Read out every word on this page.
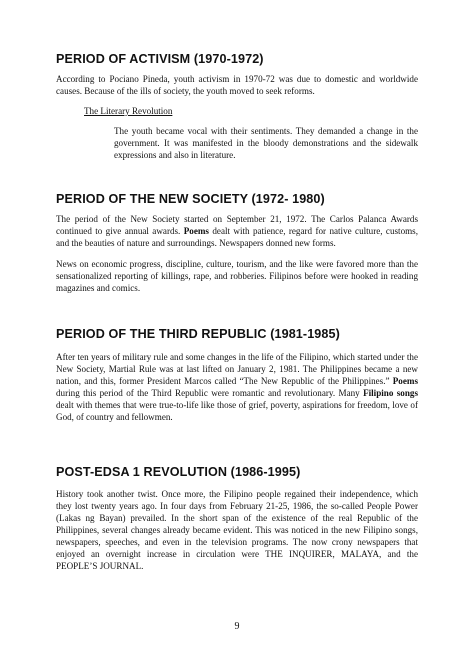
PERIOD OF ACTIVISM (1970-1972)

According to Pociano Pineda, youth activism in 1970-72 was due to domestic and worldwide causes. Because of the ills of society, the youth moved to seek reforms.

The Literary Revolution

The youth became vocal with their sentiments. They demanded a change in the government. It was manifested in the bloody demonstrations and the sidewalk expressions and also in literature.

PERIOD OF THE NEW SOCIETY (1972- 1980)

The period of the New Society started on September 21, 1972. The Carlos Palanca Awards continued to give annual awards. Poems dealt with patience, regard for native culture, customs, and the beauties of nature and surroundings. Newspapers donned new forms.

News on economic progress, discipline, culture, tourism, and the like were favored more than the sensationalized reporting of killings, rape, and robberies. Filipinos before were hooked in reading magazines and comics.

PERIOD OF THE THIRD REPUBLIC (1981-1985)

After ten years of military rule and some changes in the life of the Filipino, which started under the New Society, Martial Rule was at last lifted on January 2, 1981. The Philippines became a new nation, and this, former President Marcos called “The New Republic of the Philippines.” Poems during this period of the Third Republic were romantic and revolutionary. Many Filipino songs dealt with themes that were true-to-life like those of grief, poverty, aspirations for freedom, love of God, of country and fellowmen.

POST-EDSA 1 REVOLUTION (1986-1995)

History took another twist. Once more, the Filipino people regained their independence, which they lost twenty years ago. In four days from February 21-25, 1986, the so-called People Power (Lakas ng Bayan) prevailed. In the short span of the existence of the real Republic of the Philippines, several changes already became evident. This was noticed in the new Filipino songs, newspapers, speeches, and even in the television programs. The now crony newspapers that enjoyed an overnight increase in circulation were THE INQUIRER, MALAYA, and the PEOPLE’S JOURNAL.

9
